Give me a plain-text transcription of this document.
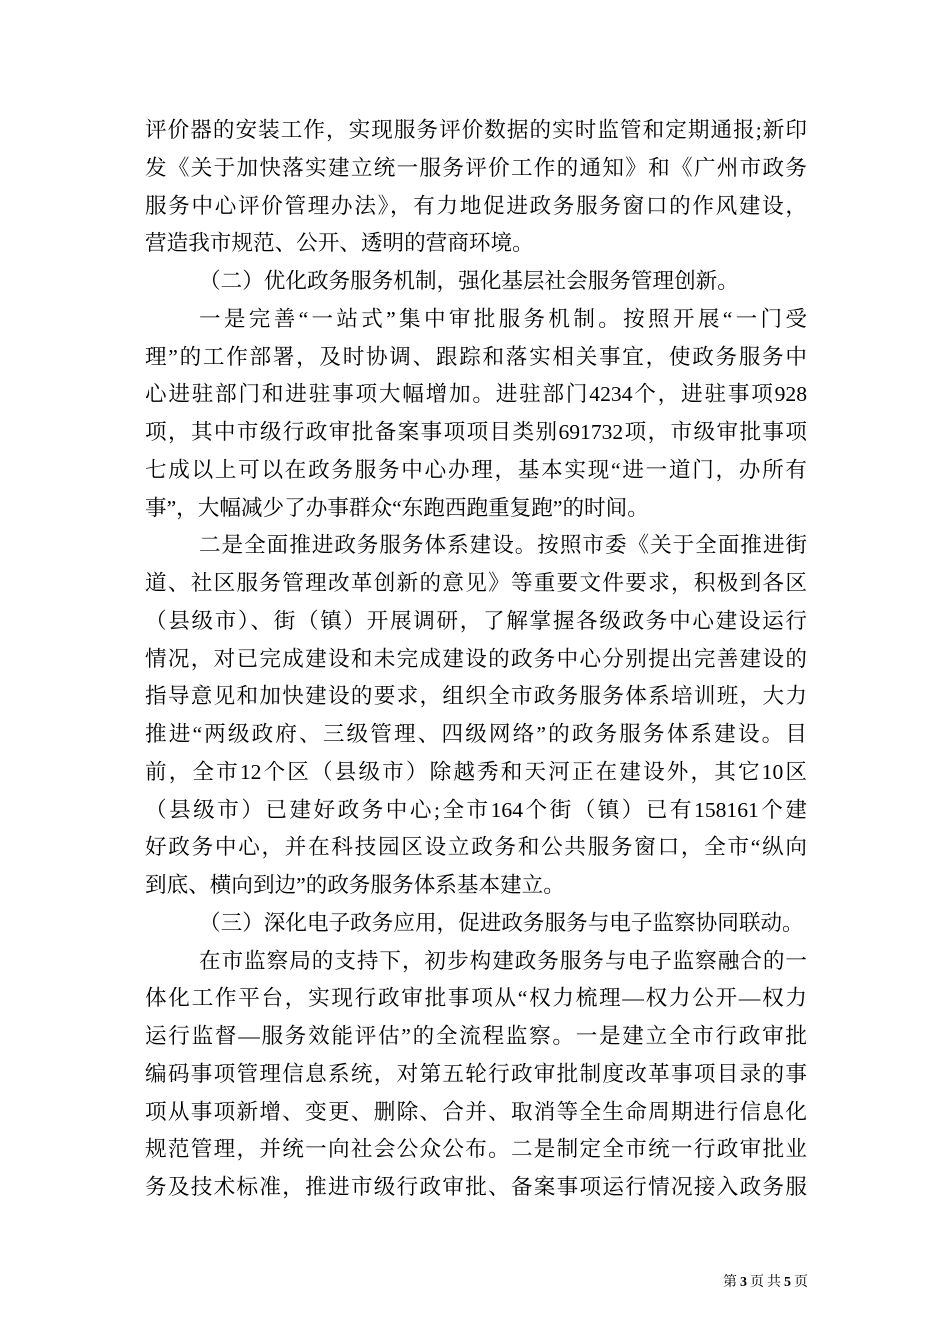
评价器的安装工作，实现服务评价数据的实时监管和定期通报;新印
发《关于加快落实建立统一服务评价工作的通知》和《广州市政务
服务中心评价管理办法》，有力地促进政务服务窗口的作风建设，
营造我市规范、公开、透明的营商环境。
（二）优化政务服务机制，强化基层社会服务管理创新。
一是完善“一站式”集中审批服务机制。按照开展“一门受
理”的工作部署，及时协调、跟踪和落实相关事宜，使政务服务中
心进驻部门和进驻事项大幅增加。进驻部门4234个，进驻事项928
项，其中市级行政审批备案事项项目类别691732项，市级审批事项
七成以上可以在政务服务中心办理，基本实现“进一道门，办所有
事”，大幅减少了办事群众“东跑西跑重复跑”的时间。
二是全面推进政务服务体系建设。按照市委《关于全面推进街
道、社区服务管理改革创新的意见》等重要文件要求，积极到各区
（县级市）、街（镇）开展调研，了解掌握各级政务中心建设运行
情况，对已完成建设和未完成建设的政务中心分别提出完善建设的
指导意见和加快建设的要求，组织全市政务服务体系培训班，大力
推进“两级政府、三级管理、四级网络”的政务服务体系建设。目
前，全市12个区（县级市）除越秀和天河正在建设外，其它10区
（县级市）已建好政务中心;全市164个街（镇）已有158161个建
好政务中心，并在科技园区设立政务和公共服务窗口，全市“纵向
到底、横向到边”的政务服务体系基本建立。
（三）深化电子政务应用，促进政务服务与电子监察协同联动。
在市监察局的支持下，初步构建政务服务与电子监察融合的一
体化工作平台，实现行政审批事项从“权力梳理—权力公开—权力
运行监督—服务效能评估”的全流程监察。一是建立全市行政审批
编码事项管理信息系统，对第五轮行政审批制度改革事项目录的事
项从事项新增、变更、删除、合并、取消等全生命周期进行信息化
规范管理，并统一向社会公众公布。二是制定全市统一行政审批业
务及技术标准，推进市级行政审批、备案事项运行情况接入政务服
第 3 页 共 5 页
